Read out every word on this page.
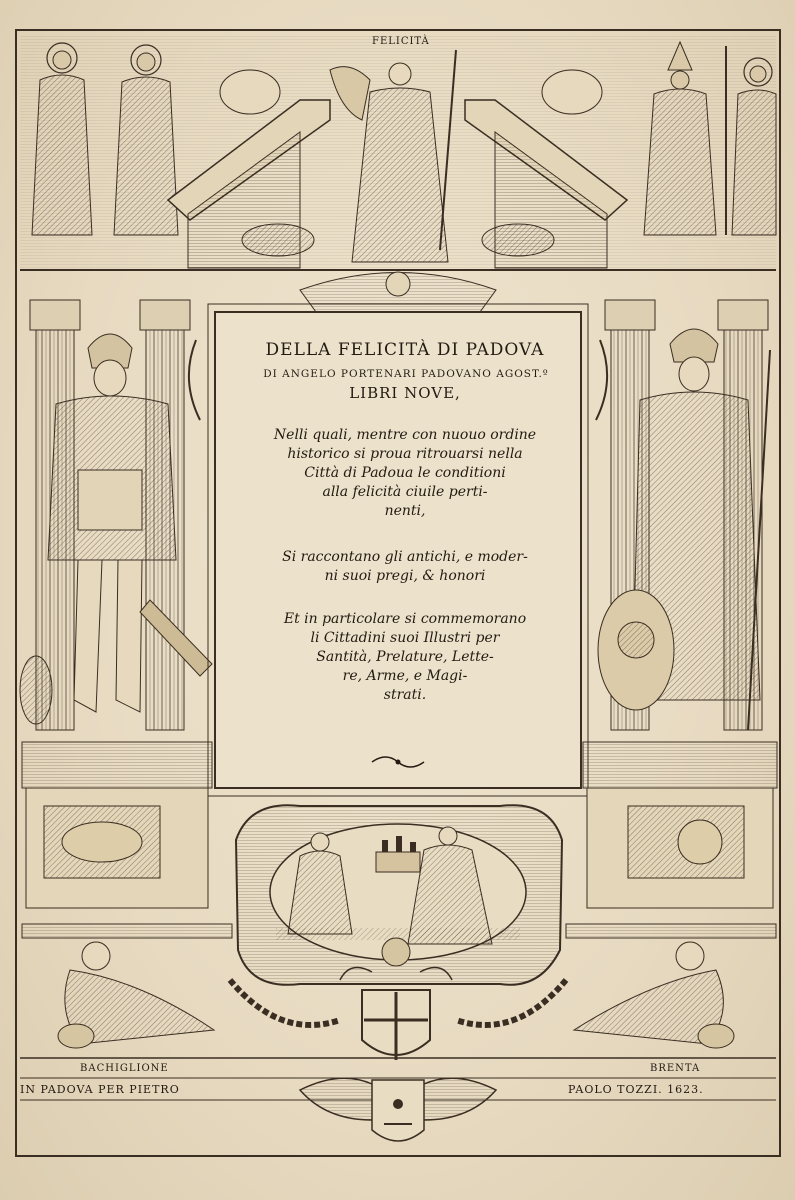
FELICITÀ
DELLA FELICITÀ DI PADOVA
DI ANGELO PORTENARI PADOVANO AGOST.º
LIBRI NOVE,
Nelli quali, mentre con nuouo ordine
historico si proua ritrouarsi nella
Città di Padoua le conditioni
alla felicità ciuile perti-
nenti,
Si raccontano gli antichi, e moder-
ni suoi pregi, & honori
Et in particolare si commemorano
li Cittadini suoi Illustri per
Santità, Prelature, Lette-
re, Arme, e Magi-
strati.
BACHIGLIONE	BRENTA
IN PADOVA PER PIETRO	PAOLO TOZZI. 1623.
